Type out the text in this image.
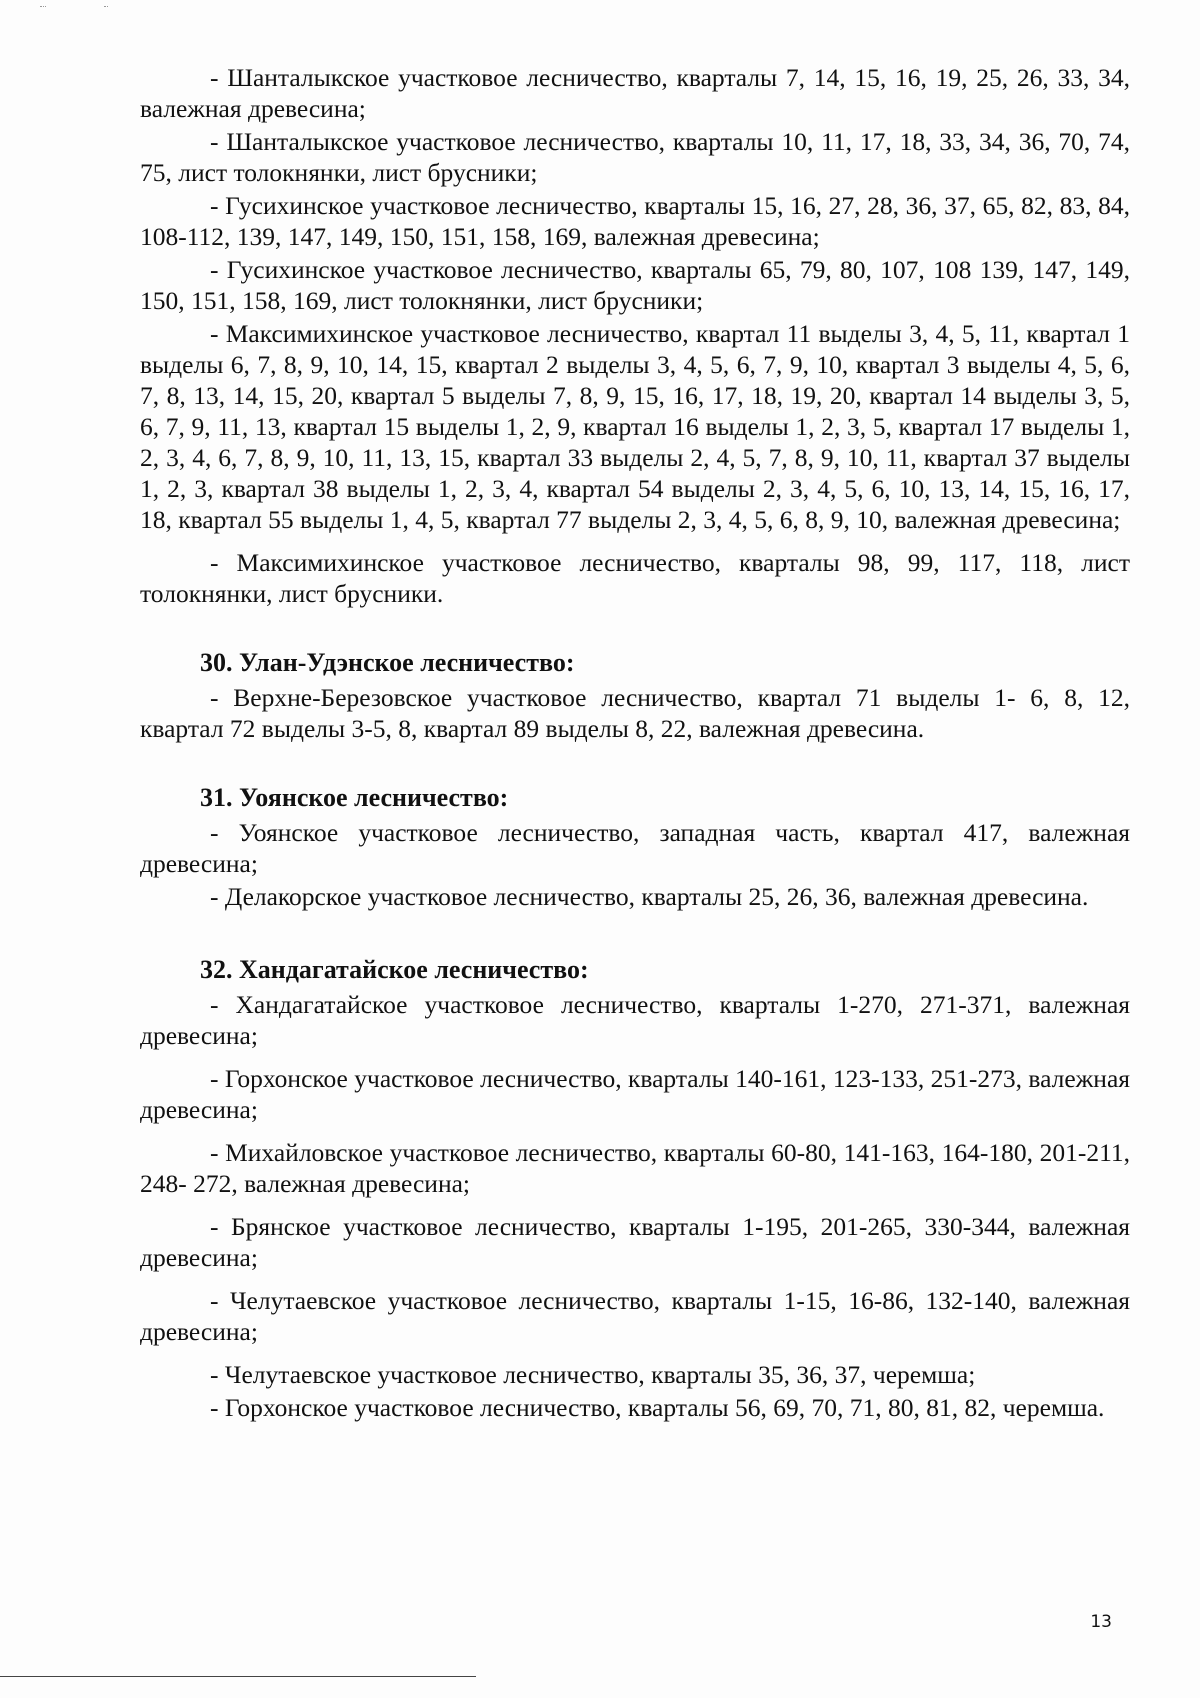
- Шанталыкское участковое лесничество, кварталы 7, 14, 15, 16, 19, 25, 26, 33, 34, валежная древесина;

- Шанталыкское участковое лесничество, кварталы 10, 11, 17, 18, 33, 34, 36, 70, 74, 75, лист толокнянки, лист брусники;

- Гусихинское участковое лесничество, кварталы 15, 16, 27, 28, 36, 37, 65, 82, 83, 84, 108-112, 139, 147, 149, 150, 151, 158, 169, валежная древесина;

- Гусихинское участковое лесничество, кварталы 65, 79, 80, 107, 108 139, 147, 149, 150, 151, 158, 169, лист толокнянки, лист брусники;

- Максимихинское участковое лесничество, квартал 11 выделы 3, 4, 5, 11, квартал 1 выделы 6, 7, 8, 9, 10, 14, 15, квартал 2 выделы 3, 4, 5, 6, 7, 9, 10, квартал 3 выделы 4, 5, 6, 7, 8, 13, 14, 15, 20, квартал 5 выделы 7, 8, 9, 15, 16, 17, 18, 19, 20, квартал 14 выделы 3, 5, 6, 7, 9, 11, 13, квартал 15 выделы 1, 2, 9, квартал 16 выделы 1, 2, 3, 5, квартал 17 выделы 1, 2, 3, 4, 6, 7, 8, 9, 10, 11, 13, 15, квартал 33 выделы 2, 4, 5, 7, 8, 9, 10, 11, квартал 37 выделы 1, 2, 3, квартал 38 выделы 1, 2, 3, 4, квартал 54 выделы 2, 3, 4, 5, 6, 10, 13, 14, 15, 16, 17, 18, квартал 55 выделы 1, 4, 5, квартал 77 выделы 2, 3, 4, 5, 6, 8, 9, 10, валежная древесина;

- Максимихинское участковое лесничество, кварталы 98, 99, 117, 118, лист толокнянки, лист брусники.

30. Улан-Удэнское лесничество:

- Верхне-Березовское участковое лесничество, квартал 71 выделы 1- 6, 8, 12, квартал 72 выделы 3-5, 8, квартал 89 выделы 8, 22, валежная древесина.

31. Уоянское лесничество:

- Уоянское участковое лесничество, западная часть, квартал 417, валежная древесина;

- Делакорское участковое лесничество, кварталы 25, 26, 36, валежная древесина.

32. Хандагатайское лесничество:

- Хандагатайское участковое лесничество, кварталы 1-270, 271-371, валежная древесина;

- Горхонское участковое лесничество, кварталы 140-161, 123-133, 251-273, валежная древесина;

- Михайловское участковое лесничество, кварталы 60-80, 141-163, 164-180, 201-211, 248- 272, валежная древесина;

- Брянское участковое лесничество, кварталы 1-195, 201-265, 330-344, валежная древесина;

- Челутаевское участковое лесничество, кварталы 1-15, 16-86, 132-140, валежная древесина;

- Челутаевское участковое лесничество, кварталы 35, 36, 37, черемша;

- Горхонское участковое лесничество, кварталы 56, 69, 70, 71, 80, 81, 82, черемша.

13
